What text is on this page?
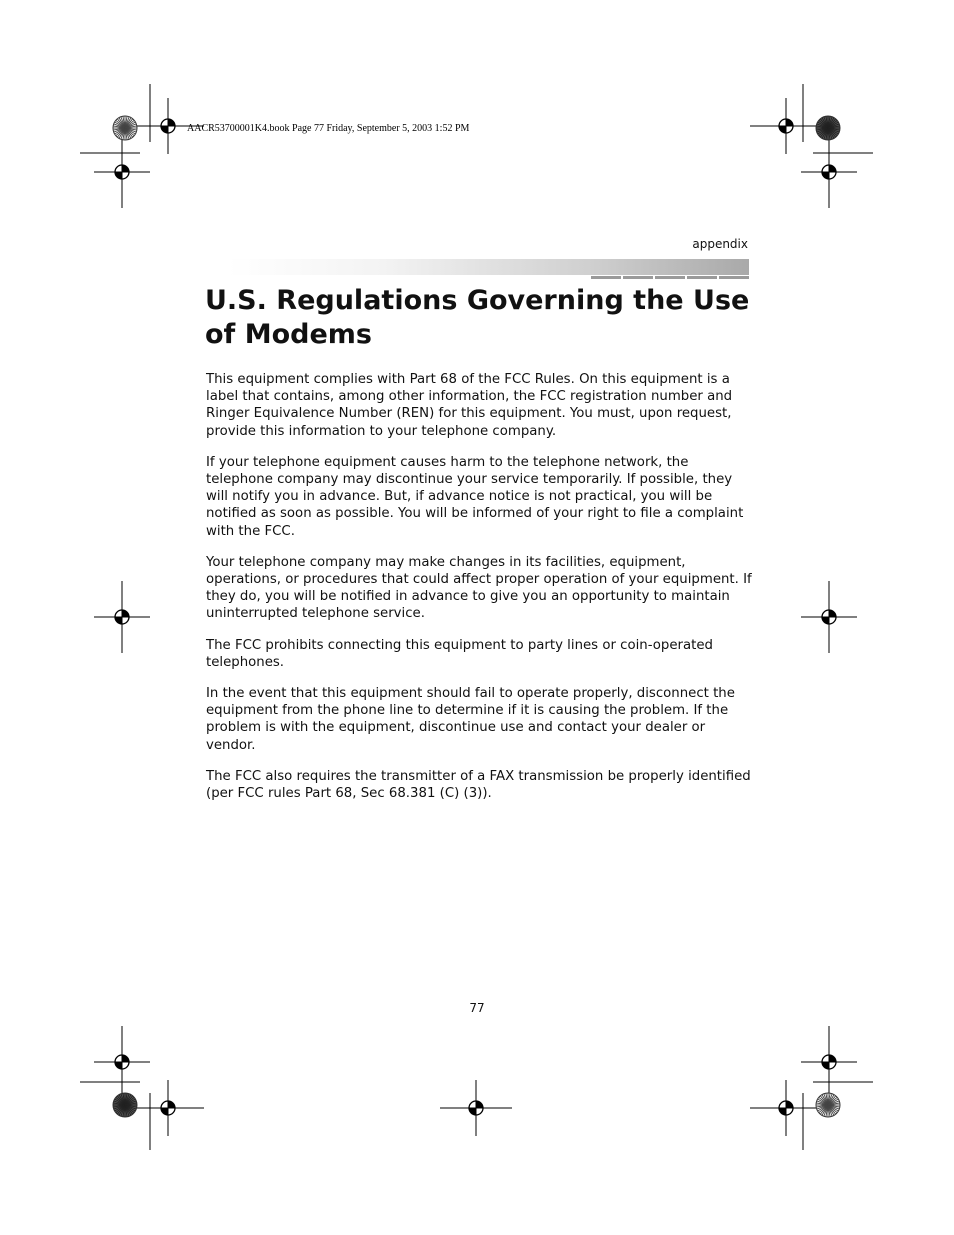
AACR53700001K4.book Page 77 Friday, September 5, 2003 1:52 PM
appendix
U.S. Regulations Governing the Use of Modems

This equipment complies with Part 68 of the FCC Rules. On this equipment is a label that contains, among other information, the FCC registration number and Ringer Equivalence Number (REN) for this equipment. You must, upon request, provide this information to your telephone company.

If your telephone equipment causes harm to the telephone network, the telephone company may discontinue your service temporarily. If possible, they will notify you in advance. But, if advance notice is not practical, you will be notified as soon as possible. You will be informed of your right to file a complaint with the FCC.

Your telephone company may make changes in its facilities, equipment, operations, or procedures that could affect proper operation of your equipment. If they do, you will be notified in advance to give you an opportunity to maintain uninterrupted telephone service.

The FCC prohibits connecting this equipment to party lines or coin-operated telephones.

In the event that this equipment should fail to operate properly, disconnect the equipment from the phone line to determine if it is causing the problem. If the problem is with the equipment, discontinue use and contact your dealer or vendor.

The FCC also requires the transmitter of a FAX transmission be properly identified (per FCC rules Part 68, Sec 68.381 (C) (3)).

77
